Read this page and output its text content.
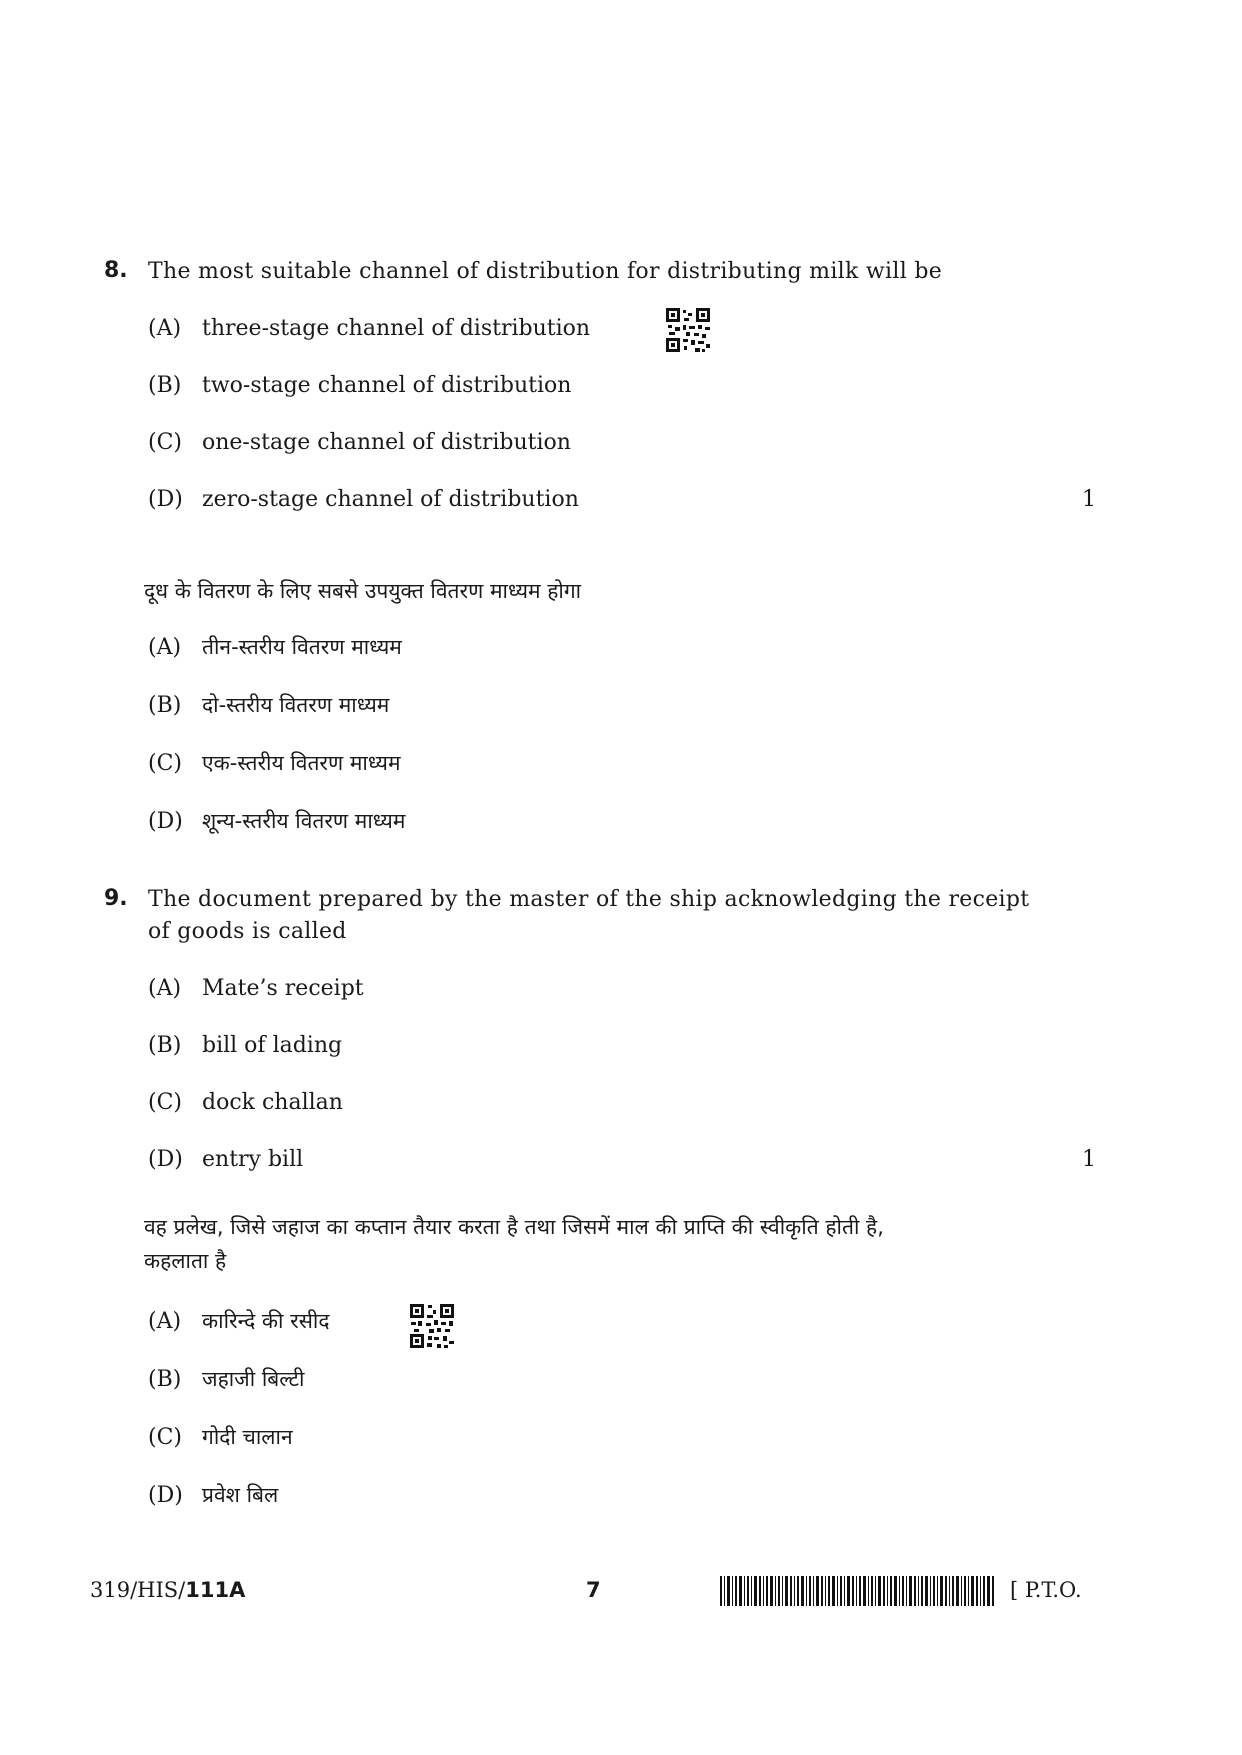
8. The most suitable channel of distribution for distributing milk will be
(A) three-stage channel of distribution
(B) two-stage channel of distribution
(C) one-stage channel of distribution
(D) zero-stage channel of distribution	1
दूध के वितरण के लिए सबसे उपयुक्त वितरण माध्यम होगा
(A) तीन-स्तरीय वितरण माध्यम
(B) दो-स्तरीय वितरण माध्यम
(C) एक-स्तरीय वितरण माध्यम
(D) शून्य-स्तरीय वितरण माध्यम
9. The document prepared by the master of the ship acknowledging the receipt
of goods is called
(A) Mate’s receipt
(B) bill of lading
(C) dock challan
(D) entry bill	1
वह प्रलेख, जिसे जहाज का कप्तान तैयार करता है तथा जिसमें माल की प्राप्ति की स्वीकृति होती है,
कहलाता है
(A) कारिन्दे की रसीद
(B) जहाजी बिल्टी
(C) गोदी चालान
(D) प्रवेश बिल
319/HIS/111A	7	[ P.T.O.
